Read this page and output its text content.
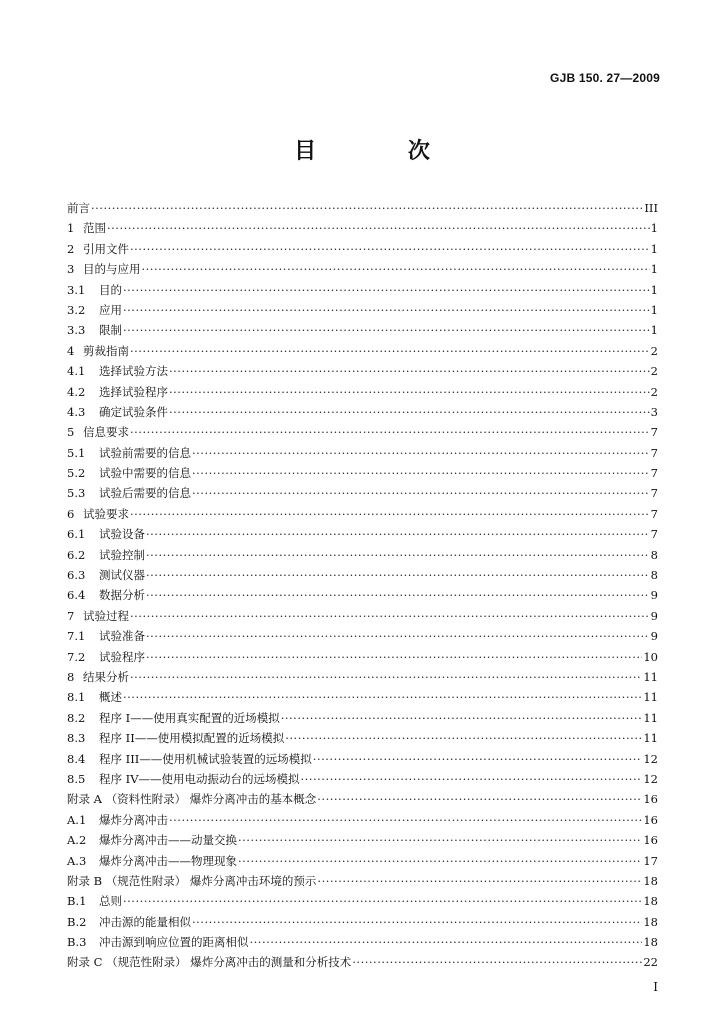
GJB 150. 27—2009
目 次
前言 ·····	III
1 范围 ·····	1
2 引用文件 ·····	1
3 目的与应用 ·····	1
3.1	目的 ·····	1
3.2	应用 ·····	1
3.3	限制 ·····	1
4 剪裁指南 ·····	2
4.1	选择试验方法 ·····	2
4.2	选择试验程序 ·····	2
4.3	确定试验条件 ·····	3
5 信息要求 ·····	7
5.1	试验前需要的信息 ·····	7
5.2	试验中需要的信息 ·····	7
5.3	试验后需要的信息 ·····	7
6 试验要求 ·····	7
6.1	试验设备 ·····	7
6.2	试验控制 ·····	8
6.3	测试仪器 ·····	8
6.4	数据分析 ·····	9
7 试验过程 ·····	9
7.1	试验准备 ·····	9
7.2	试验程序 ·····	10
8 结果分析 ·····	11
8.1	概述 ·····	11
8.2	程序 I——使用真实配置的近场模拟 ·····	11
8.3	程序 II——使用模拟配置的近场模拟 ·····	11
8.4	程序 III——使用机械试验装置的远场模拟 ·····	12
8.5	程序 IV——使用电动振动台的远场模拟 ·····	12
附录 A （资料性附录） 爆炸分离冲击的基本概念 ·····	16
A.1	爆炸分离冲击 ·····	16
A.2	爆炸分离冲击——动量交换 ·····	16
A.3	爆炸分离冲击——物理现象 ·····	17
附录 B （规范性附录） 爆炸分离冲击环境的预示 ·····	18
B.1	总则 ·····	18
B.2	冲击源的能量相似 ·····	18
B.3	冲击源到响应位置的距离相似 ·····	18
附录 C （规范性附录） 爆炸分离冲击的测量和分析技术 ·····	22
I
